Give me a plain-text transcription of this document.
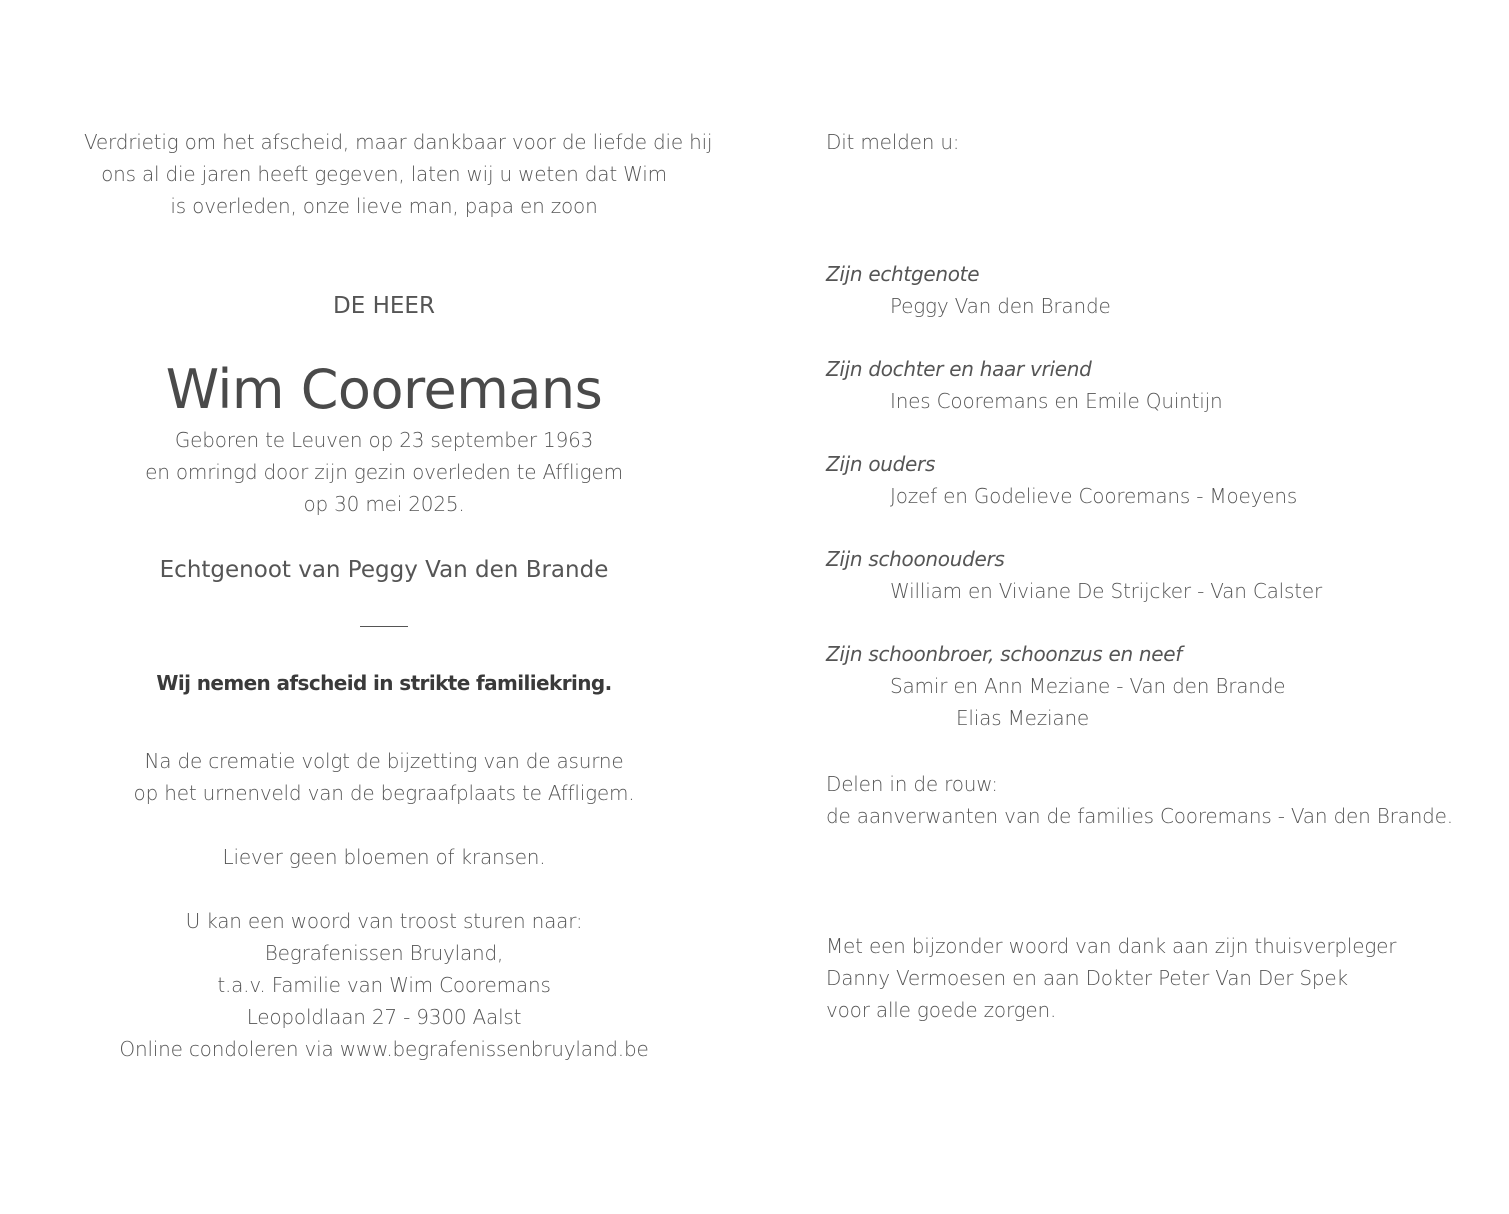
Verdrietig om het afscheid, maar dankbaar voor de liefde die hij
ons al die jaren heeft gegeven, laten wij u weten dat Wim
is overleden, onze lieve man, papa en zoon
DE HEER
Wim Cooremans
Geboren te Leuven op 23 september 1963
en omringd door zijn gezin overleden te Affligem
op 30 mei 2025.
Echtgenoot van Peggy Van den Brande
Wij nemen afscheid in strikte familiekring.
Na de crematie volgt de bijzetting van de asurne
op het urnenveld van de begraafplaats te Affligem.
Liever geen bloemen of kransen.
U kan een woord van troost sturen naar:
Begrafenissen Bruyland,
t.a.v. Familie van Wim Cooremans
Leopoldlaan 27 - 9300 Aalst
Online condoleren via www.begrafenissenbruyland.be
Dit melden u:
Zijn echtgenote
Peggy Van den Brande
Zijn dochter en haar vriend
Ines Cooremans en Emile Quintijn
Zijn ouders
Jozef en Godelieve Cooremans - Moeyens
Zijn schoonouders
William en Viviane De Strijcker - Van Calster
Zijn schoonbroer, schoonzus en neef
Samir en Ann Meziane - Van den Brande
Elias Meziane
Delen in de rouw:
de aanverwanten van de families Cooremans - Van den Brande.
Met een bijzonder woord van dank aan zijn thuisverpleger
Danny Vermoesen en aan Dokter Peter Van Der Spek
voor alle goede zorgen.
